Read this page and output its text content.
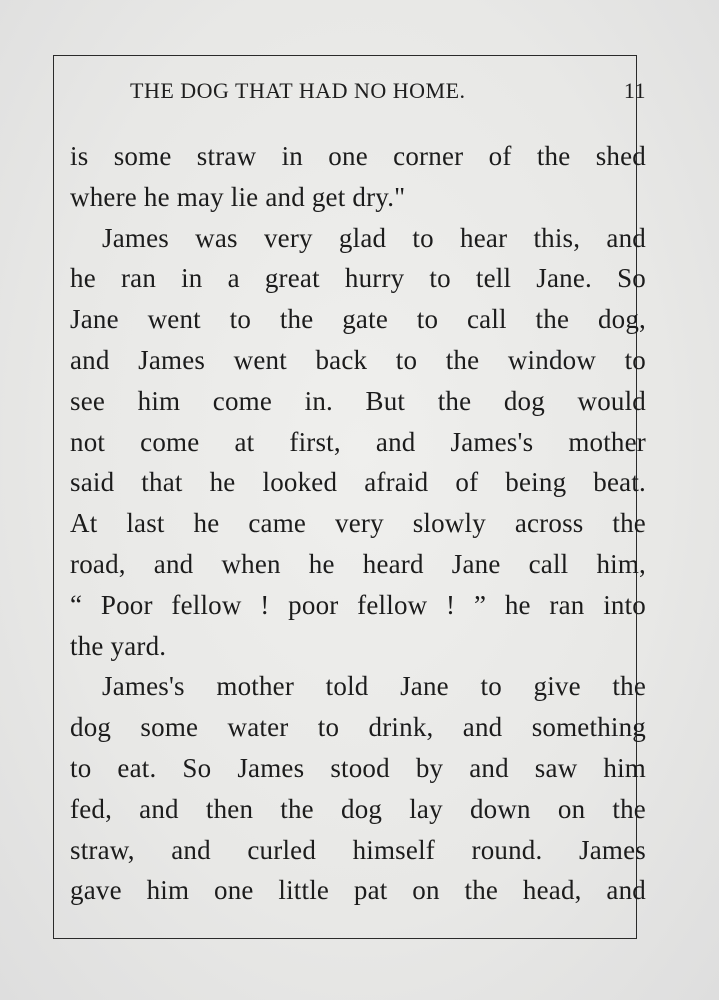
THE DOG THAT HAD NO HOME.	11
is some straw in one corner of the shed
where he may lie and get dry."
James was very glad to hear this, and
he ran in a great hurry to tell Jane. So
Jane went to the gate to call the dog,
and James went back to the window to
see him come in. But the dog would
not come at first, and James's mother
said that he looked afraid of being beat.
At last he came very slowly across the
road, and when he heard Jane call him,
“ Poor fellow ! poor fellow ! ” he ran into
the yard.
James's mother told Jane to give the
dog some water to drink, and something
to eat. So James stood by and saw him
fed, and then the dog lay down on the
straw, and curled himself round. James
gave him one little pat on the head, and
